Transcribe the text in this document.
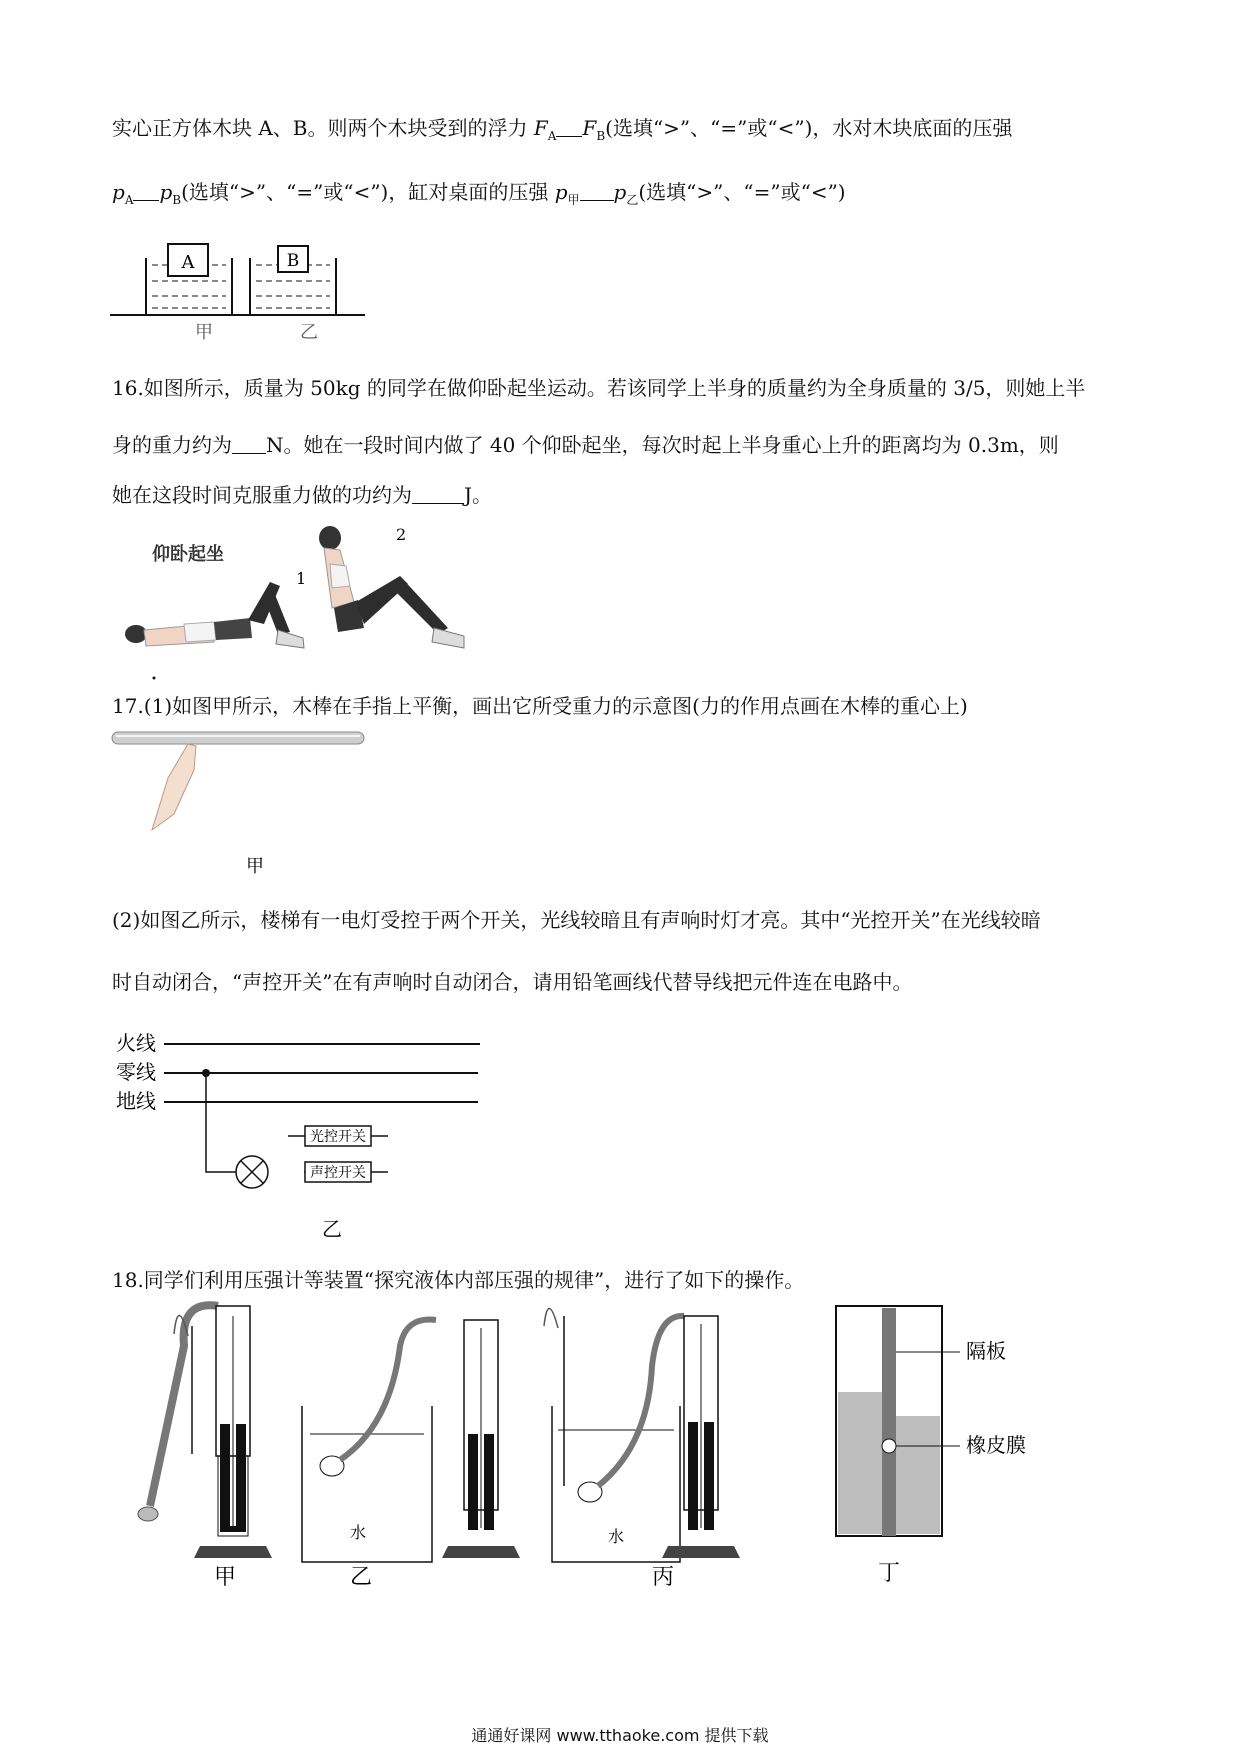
实心正方体木块 A、B。则两个木块受到的浮力 $F_A$ $F_B$(选填“>”、“=”或“<”)，水对木块底面的压强
$p_A$ $p_B$(选填“>”、“=”或“<”)，缸对桌面的压强 $p_甲$ $p_乙$(选填“>”、“=”或“<”)
A	B
甲	乙
16.如图所示，质量为 50kg 的同学在做仰卧起坐运动。若该同学上半身的质量约为全身质量的 3/5，则她上半
身的重力约为 N。她在一段时间内做了 40 个仰卧起坐，每次时起上半身重心上升的距离均为 0.3m，则
她在这段时间克服重力做的功约为	J。
仰卧起坐
1
2
17.(1)如图甲所示，木棒在手指上平衡，画出它所受重力的示意图(力的作用点画在木棒的重心上)
甲
(2)如图乙所示，楼梯有一电灯受控于两个开关，光线较暗且有声响时灯才亮。其中“光控开关”在光线较暗
时自动闭合，“声控开关”在有声响时自动闭合，请用铅笔画线代替导线把元件连在电路中。
火线
零线
地线
光控开关
声控开关
乙
18.同学们利用压强计等装置“探究液体内部压强的规律”，进行了如下的操作。
甲
水
乙
水
丙
隔板
橡皮膜
丁
通通好课网 www.tthaoke.com 提供下载
